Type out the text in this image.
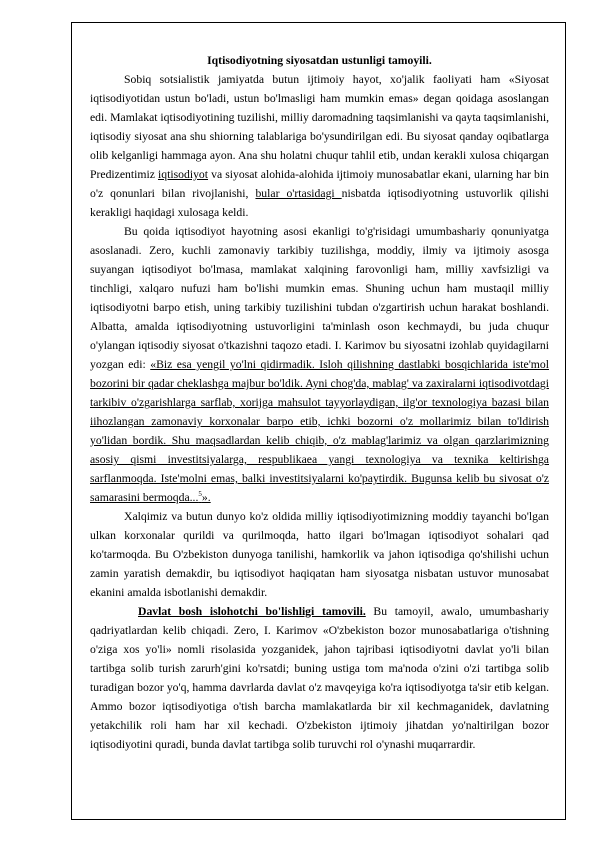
Iqtisodiyotning siyosatdan ustunligi tamoyili.

Sobiq sotsialistik jamiyatda butun ijtimoiy hayot, xo'jalik faoliyati ham «Siyosat iqtisodiyotidan ustun bo'ladi, ustun bo'lmasligi ham mumkin emas» degan qoidaga asoslangan edi. Mamlakat iqtisodiyotining tuzilishi, milliy daromadning taqsimlanishi va qayta taqsimlanishi, iqtisodiy siyosat ana shu shiorning talablariga bo'ysundirilgan edi. Bu siyosat qanday oqibatlarga olib kelganligi hammaga ayon. Ana shu holatni chuqur tahlil etib, undan kerakli xulosa chiqargan Predizentimiz iqtisodiyot va siyosat alohida-alohida ijtimoiy munosabatlar ekani, ularning har bin o'z qonunlari bilan rivojlanishi, bular o'rtasidagi nisbatda iqtisodiyotning ustuvorlik qilishi kerakligi haqidagi xulosaga keldi.

Bu qoida iqtisodiyot hayotning asosi ekanligi to'g'risidagi umumbashariy qonuniyatga asoslanadi. Zero, kuchli zamonaviy tarkibiy tuzilishga, moddiy, ilmiy va ijtimoiy asosga suyangan iqtisodiyot bo'lmasa, mamlakat xalqining farovonligi ham, milliy xavfsizligi va tinchligi, xalqaro nufuzi ham bo'lishi mumkin emas. Shuning uchun ham mustaqil milliy iqtisodiyotni barpo etish, uning tarkibiy tuzilishini tubdan o'zgartirish uchun harakat boshlandi. Albatta, amalda iqtisodiyotning ustuvorligini ta'minlash oson kechmaydi, bu juda chuqur o'ylangan iqtisodiy siyosat o'tkazishni taqozo etadi. I. Karimov bu siyosatni izohlab quyidagilarni yozgan edi: «Biz esa yengil yo'lni qidirmadik. Isloh qilishning dastlabki bosqichlarida iste'mol bozorini bir qadar cheklashga majbur bo'ldik. Ayni chog'da, mablag' va zaxiralarni iqtisodivotdagi tarkibiv o'zgarishlarga sarflab, xorijga mahsulot tayyorlaydigan, ilg'or texnologiya bazasi bilan iihozlangan zamonaviy korxonalar barpo etib, ichki bozorni o'z mollarimiz bilan to'ldirish yo'lidan bordik. Shu maqsadlardan kelib chiqib, o'z mablag'larimiz va olgan qarzlarimizning asosiy qismi investitsiyalarga, respublikaea yangi texnologiya va texnika keltirishga sarflanmoqda. Iste'molni emas, balki investitsiyalarni ko'paytirdik. Bugunsa kelib bu sivosat o'z samarasini bermoqda...$^5$».

Xalqimiz va butun dunyo ko'z oldida milliy iqtisodiyotimizning moddiy tayanchi bo'lgan ulkan korxonalar qurildi va qurilmoqda, hatto ilgari bo'lmagan iqtisodiyot sohalari qad ko'tarmoqda. Bu O'zbekiston dunyoga tanilishi, hamkorlik va jahon iqtisodiga qo'shilishi uchun zamin yaratish demakdir, bu iqtisodiyot haqiqatan ham siyosatga nisbatan ustuvor munosabat ekanini amalda isbotlanishi demakdir.

Davlat bosh islohotchi bo'lishligi tamovili. Bu tamoyil, awalo, umumbashariy qadriyatlardan kelib chiqadi. Zero, I. Karimov «O'zbekiston bozor munosabatlariga o'tishning o'ziga xos yo'li» nomli risolasida yozganidek, jahon tajribasi iqtisodiyotni davlat yo'li bilan tartibga solib turish zarurh'gini ko'rsatdi; buning ustiga tom ma'noda o'zini o'zi tartibga solib turadigan bozor yo'q, hamma davrlarda davlat o'z mavqeyiga ko'ra iqtisodiyotga ta'sir etib kelgan. Ammo bozor iqtisodiyotiga o'tish barcha mamlakatlarda bir xil kechmaganidek, davlatning yetakchilik roli ham har xil kechadi. O'zbekiston ijtimoiy jihatdan yo'naltirilgan bozor iqtisodiyotini quradi, bunda davlat tartibga solib turuvchi rol o'ynashi muqarrardir.
